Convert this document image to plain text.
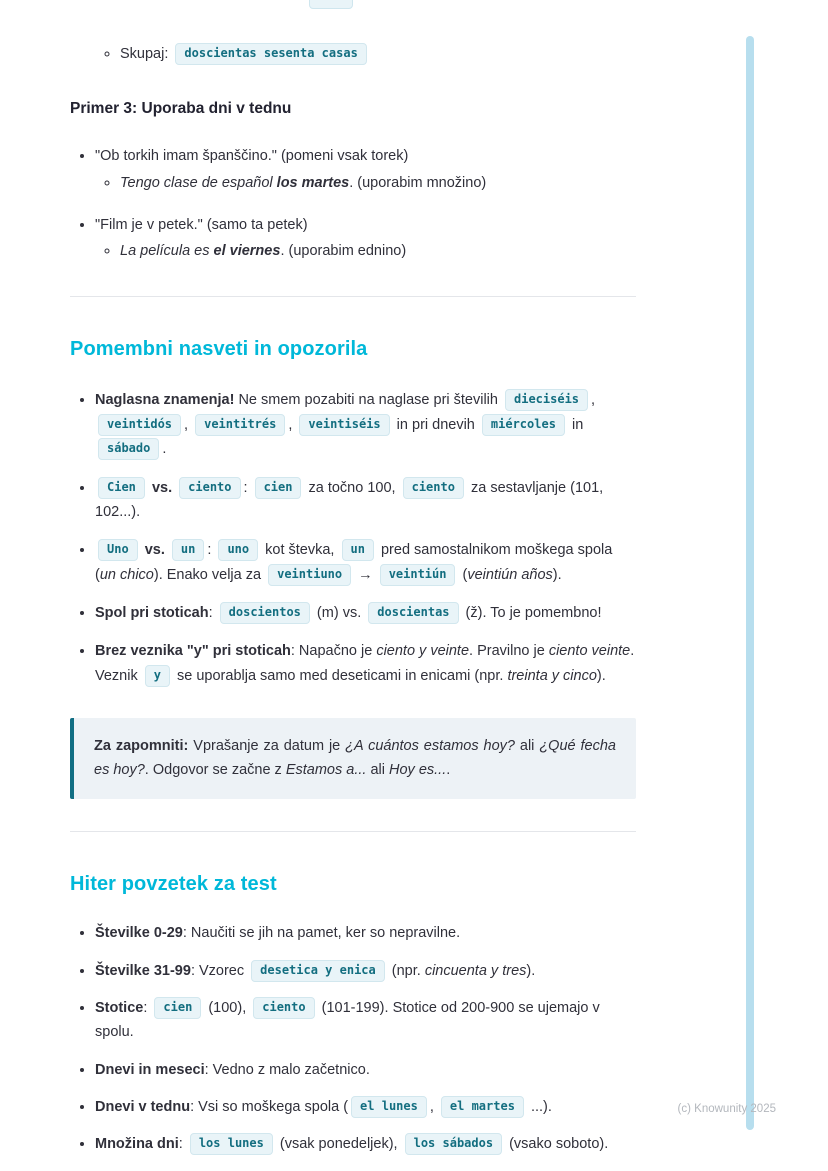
◦ Skupaj: doscientas sesenta casas
Primer 3: Uporaba dni v tednu
• "Ob torkih imam španščino." (pomeni vsak torek)
◦ Tengo clase de español los martes. (uporabim množino)
• "Film je v petek." (samo ta petek)
◦ La película es el viernes. (uporabim ednino)
Pomembni nasveti in opozorila
• Naglasna znamenja! Ne smem pozabiti na naglase pri številih dieciséis , veintidós , veintitrés , veintiséis in pri dnevih miércoles in sábado .
• Cien vs. ciento : cien za točno 100, ciento za sestavljanje (101, 102...).
• Uno vs. un : uno kot števka, un pred samostalnikom moškega spola (un chico). Enako velja za veintiuno → veintiún (veintiún años).
• Spol pri stoticah: doscientos (m) vs. doscientas (ž). To je pomembno!
• Brez veznika "y" pri stoticah: Napačno je ciento y veinte. Pravilno je ciento veinte. Veznik y se uporablja samo med deseticami in enicami (npr. treinta y cinco).

Za zapomniti: Vprašanje za datum je ¿A cuántos estamos hoy? ali ¿Qué fecha es hoy?. Odgovor se začne z Estamos a... ali Hoy es....

Hiter povzetek za test
• Številke 0-29: Naučiti se jih na pamet, ker so nepravilne.
• Številke 31-99: Vzorec desetica y enica (npr. cincuenta y tres).
• Stotice: cien (100), ciento (101-199). Stotice od 200-900 se ujemajo v spolu.
• Dnevi in meseci: Vedno z malo začetnico.
• Dnevi v tednu: Vsi so moškega spola ( el lunes , el martes ...).
• Množina dni: los lunes (vsak ponedeljek), los sábados (vsako soboto).
(c) Knowunity 2025
